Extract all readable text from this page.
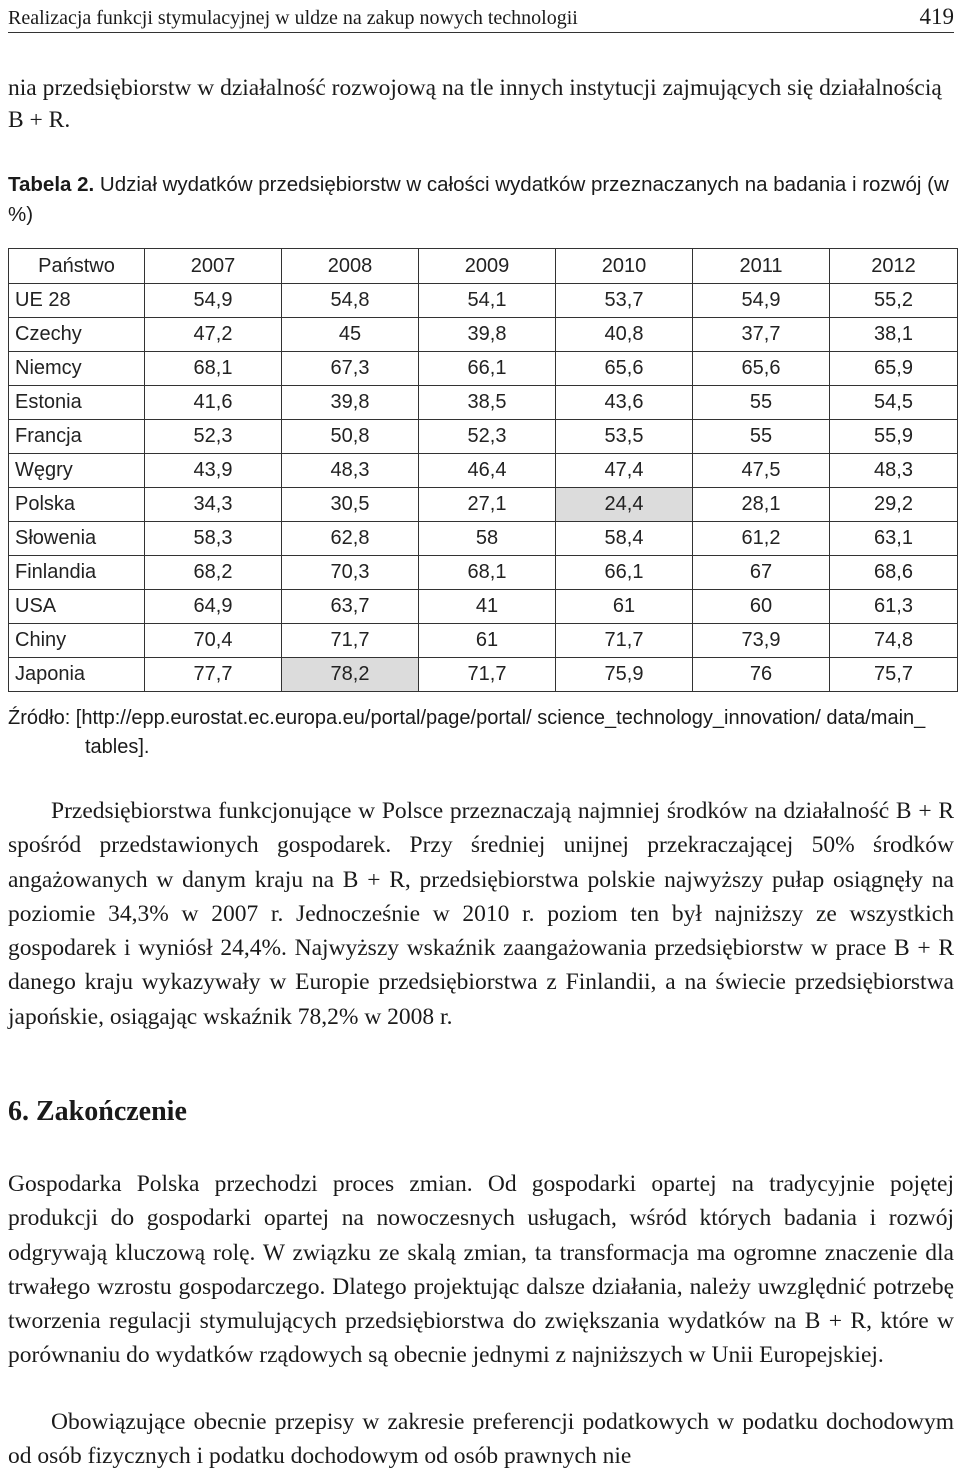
Realizacja funkcji stymulacyjnej w uldze na zakup nowych technologii	419

nia przedsiębiorstw w działalność rozwojową na tle innych instytucji zajmujących się działalnością B + R.

Tabela 2. Udział wydatków przedsiębiorstw w całości wydatków przeznaczanych na badania i rozwój (w %)

Państwo	2007	2008	2009	2010	2011	2012
UE 28	54,9	54,8	54,1	53,7	54,9	55,2
Czechy	47,2	45	39,8	40,8	37,7	38,1
Niemcy	68,1	67,3	66,1	65,6	65,6	65,9
Estonia	41,6	39,8	38,5	43,6	55	54,5
Francja	52,3	50,8	52,3	53,5	55	55,9
Węgry	43,9	48,3	46,4	47,4	47,5	48,3
Polska	34,3	30,5	27,1	24,4	28,1	29,2
Słowenia	58,3	62,8	58	58,4	61,2	63,1
Finlandia	68,2	70,3	68,1	66,1	67	68,6
USA	64,9	63,7	41	61	60	61,3
Chiny	70,4	71,7	61	71,7	73,9	74,8
Japonia	77,7	78,2	71,7	75,9	76	75,7

Źródło: [http://epp.eurostat.ec.europa.eu/portal/page/portal/ science_technology_innovation/ data/main_ tables].

Przedsiębiorstwa funkcjonujące w Polsce przeznaczają najmniej środków na działalność B + R spośród przedstawionych gospodarek. Przy średniej unijnej przekraczającej 50% środków angażowanych w danym kraju na B + R, przedsiębiorstwa polskie najwyższy pułap osiągnęły na poziomie 34,3% w 2007 r. Jednocześnie w 2010 r. poziom ten był najniższy ze wszystkich gospodarek i wyniósł 24,4%. Najwyższy wskaźnik zaangażowania przedsiębiorstw w prace B + R danego kraju wykazywały w Europie przedsiębiorstwa z Finlandii, a na świecie przedsiębiorstwa japońskie, osiągając wskaźnik 78,2% w 2008 r.

6. Zakończenie

Gospodarka Polska przechodzi proces zmian. Od gospodarki opartej na tradycyjnie pojętej produkcji do gospodarki opartej na nowoczesnych usługach, wśród których badania i rozwój odgrywają kluczową rolę. W związku ze skalą zmian, ta transformacja ma ogromne znaczenie dla trwałego wzrostu gospodarczego. Dlatego projektując dalsze działania, należy uwzględnić potrzebę tworzenia regulacji stymulujących przedsiębiorstwa do zwiększania wydatków na B + R, które w porównaniu do wydatków rządowych są obecnie jednymi z najniższych w Unii Europejskiej.

Obowiązujące obecnie przepisy w zakresie preferencji podatkowych w podatku dochodowym od osób fizycznych i podatku dochodowym od osób prawnych nie
